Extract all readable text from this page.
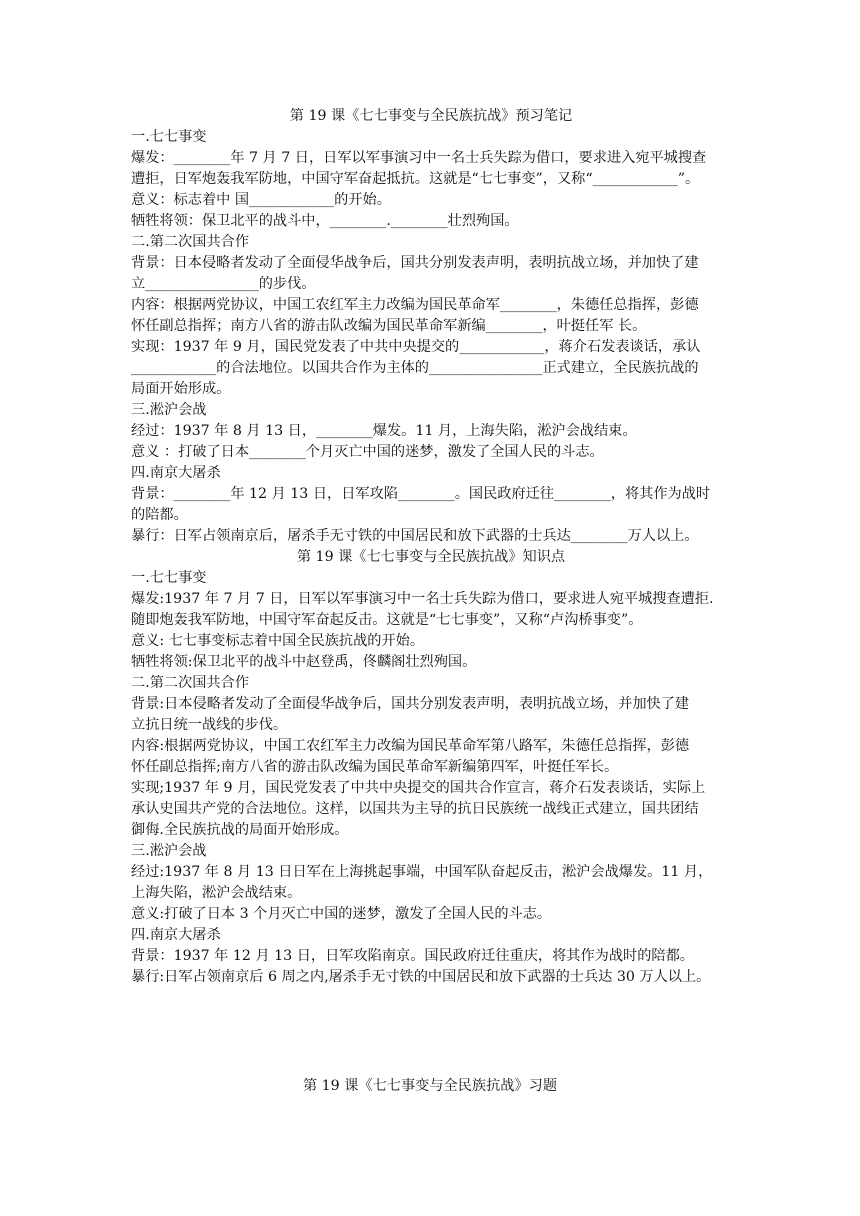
第 19 课《七七事变与全民族抗战》预习笔记
一.七七事变
爆发：________年 7 月 7 日，日军以军事演习中一名士兵失踪为借口，要求进入宛平城搜查
遭拒，日军炮轰我军防地，中国守军奋起抵抗。这就是“七七事变”，又称“____________”。
意义：标志着中 国____________的开始。
牺牲将领：保卫北平的战斗中，________.________壮烈殉国。
二.第二次国共合作
背景：日本侵略者发动了全面侵华战争后，国共分别发表声明，表明抗战立场，并加快了建
立________________的步伐。
内容：根据两党协议，中国工农红军主力改编为国民革命军________，朱德任总指挥，彭德
怀任副总指挥；南方八省的游击队改编为国民革命军新编________，叶挺任军 长。
实现：1937 年 9 月，国民党发表了中共中央提交的____________，蒋介石发表谈话，承认
____________的合法地位。以国共合作为主体的________________正式建立，全民族抗战的
局面开始形成。
三.淞沪会战
经过：1937 年 8 月 13 日，________爆发。11 月，上海失陷，淞沪会战结束。
意义 ：打破了日本________个月灭亡中国的迷梦，激发了全国人民的斗志。
四.南京大屠杀
背景：________年 12 月 13 日，日军攻陷________。国民政府迁往________，将其作为战时
的陪都。
暴行：日军占领南京后，屠杀手无寸铁的中国居民和放下武器的士兵达________万人以上。
第 19 课《七七事变与全民族抗战》知识点
一.七七事变
爆发:1937 年 7 月 7 日，日军以军事演习中一名士兵失踪为借口，要求进人宛平城搜查遭拒.
随即炮轰我军防地，中国守军奋起反击。这就是“七七事变”，又称“卢沟桥事变”。
意义: 七七事变标志着中国全民族抗战的开始。
牺牲将领:保卫北平的战斗中赵登禹，佟麟阁壮烈殉国。
二.第二次国共合作
背景:日本侵略者发动了全面侵华战争后，国共分别发表声明，表明抗战立场，并加快了建
立抗日统一战线的步伐。
内容:根据两党协议，中国工农红军主力改编为国民革命军第八路军，朱德任总指挥，彭德
怀任副总指挥;南方八省的游击队改编为国民革命军新编第四军，叶挺任军长。
实现;1937 年 9 月，国民党发表了中共中央提交的国共合作宣言，蒋介石发表谈话，实际上
承认史国共产党的合法地位。这样，以国共为主导的抗日民族统一战线正式建立，国共团结
御侮.全民族抗战的局面开始形成。
三.淞沪会战
经过:1937 年 8 月 13 日日军在上海挑起事端，中国军队奋起反击，淞沪会战爆发。11 月，
上海失陷，淞沪会战结束。
意义:打破了日本 3 个月灭亡中国的迷梦，激发了全国人民的斗志。
四.南京大屠杀
背景：1937 年 12 月 13 日，日军攻陷南京。国民政府迁往重庆，将其作为战时的陪都。
暴行:日军占领南京后 6 周之内,屠杀手无寸铁的中国居民和放下武器的士兵达 30 万人以上。
第 19 课《七七事变与全民族抗战》习题
